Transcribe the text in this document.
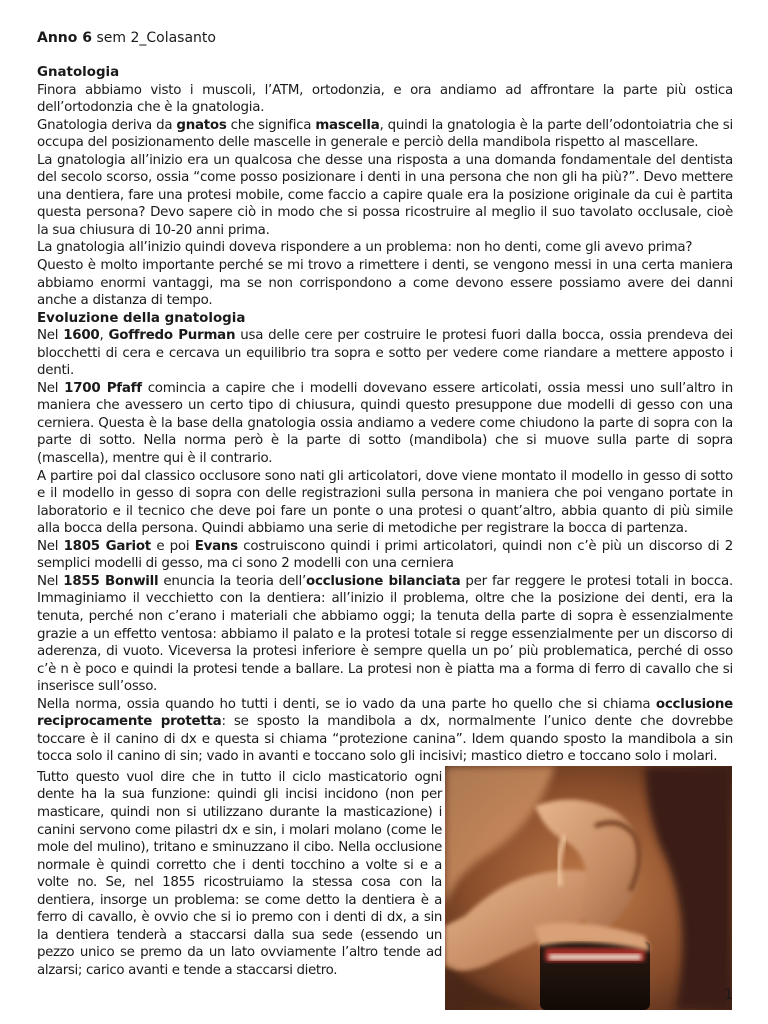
Anno 6 sem 2_Colasanto
Gnatologia

Finora abbiamo visto i muscoli, l’ATM, ortodonzia, e ora andiamo ad affrontare la parte più ostica dell’ortodonzia che è la gnatologia.

Gnatologia deriva da gnatos che significa mascella, quindi la gnatologia è la parte dell’odontoiatria che si occupa del posizionamento delle mascelle in generale e perciò della mandibola rispetto al mascellare.

La gnatologia all’inizio era un qualcosa che desse una risposta a una domanda fondamentale del dentista del secolo scorso, ossia “come posso posizionare i denti in una persona che non gli ha più?”. Devo mettere una dentiera, fare una protesi mobile, come faccio a capire quale era la posizione originale da cui è partita questa persona? Devo sapere ciò in modo che si possa ricostruire al meglio il suo tavolato occlusale, cioè la sua chiusura di 10-20 anni prima.

La gnatologia all’inizio quindi doveva rispondere a un problema: non ho denti, come gli avevo prima?

Questo è molto importante perché se mi trovo a rimettere i denti, se vengono messi in una certa maniera abbiamo enormi vantaggi, ma se non corrispondono a come devono essere possiamo avere dei danni anche a distanza di tempo.

Evoluzione della gnatologia

Nel 1600, Goffredo Purman usa delle cere per costruire le protesi fuori dalla bocca, ossia prendeva dei blocchetti di cera e cercava un equilibrio tra sopra e sotto per vedere come riandare a mettere apposto i denti.

Nel 1700 Pfaff comincia a capire che i modelli dovevano essere articolati, ossia messi uno sull’altro in maniera che avessero un certo tipo di chiusura, quindi questo presuppone due modelli di gesso con una cerniera. Questa è la base della gnatologia ossia andiamo a vedere come chiudono la parte di sopra con la parte di sotto. Nella norma però è la parte di sotto (mandibola) che si muove sulla parte di sopra (mascella), mentre qui è il contrario.

A partire poi dal classico occlusore sono nati gli articolatori, dove viene montato il modello in gesso di sotto e il modello in gesso di sopra con delle registrazioni sulla persona in maniera che poi vengano portate in laboratorio e il tecnico che deve poi fare un ponte o una protesi o quant’altro, abbia quanto di più simile alla bocca della persona. Quindi abbiamo una serie di metodiche per registrare la bocca di partenza.

Nel 1805 Gariot e poi Evans costruiscono quindi i primi articolatori, quindi non c’è più un discorso di 2 semplici modelli di gesso, ma ci sono 2 modelli con una cerniera

Nel 1855 Bonwill enuncia la teoria dell’occlusione bilanciata per far reggere le protesi totali in bocca. Immaginiamo il vecchietto con la dentiera: all’inizio il problema, oltre che la posizione dei denti, era la tenuta, perché non c’erano i materiali che abbiamo oggi; la tenuta della parte di sopra è essenzialmente grazie a un effetto ventosa: abbiamo il palato e la protesi totale si regge essenzialmente per un discorso di aderenza, di vuoto. Viceversa la protesi inferiore è sempre quella un po’ più problematica, perché di osso c’è n è poco e quindi la protesi tende a ballare. La protesi non è piatta ma a forma di ferro di cavallo che si inserisce sull’osso.

Nella norma, ossia quando ho tutti i denti, se io vado da una parte ho quello che si chiama occlusione reciprocamente protetta: se sposto la mandibola a dx, normalmente l’unico dente che dovrebbe toccare è il canino di dx e questa si chiama “protezione canina”. Idem quando sposto la mandibola a sin tocca solo il canino di sin; vado in avanti e toccano solo gli incisivi; mastico dietro e toccano solo i molari.

Tutto questo vuol dire che in tutto il ciclo masticatorio ogni dente ha la sua funzione: quindi gli incisi incidono (non per masticare, quindi non si utilizzano durante la masticazione) i canini servono come pilastri dx e sin, i molari molano (come le mole del mulino), tritano e sminuzzano il cibo. Nella occlusione normale è quindi corretto che i denti tocchino a volte si e a volte no. Se, nel 1855 ricostruiamo la stessa cosa con la dentiera, insorge un problema: se come detto la dentiera è a ferro di cavallo, è ovvio che si io premo con i denti di dx, a sin la dentiera tenderà a staccarsi dalla sua sede (essendo un pezzo unico se premo da un lato ovviamente l’altro tende ad alzarsi; carico avanti e tende a staccarsi dietro.

1
